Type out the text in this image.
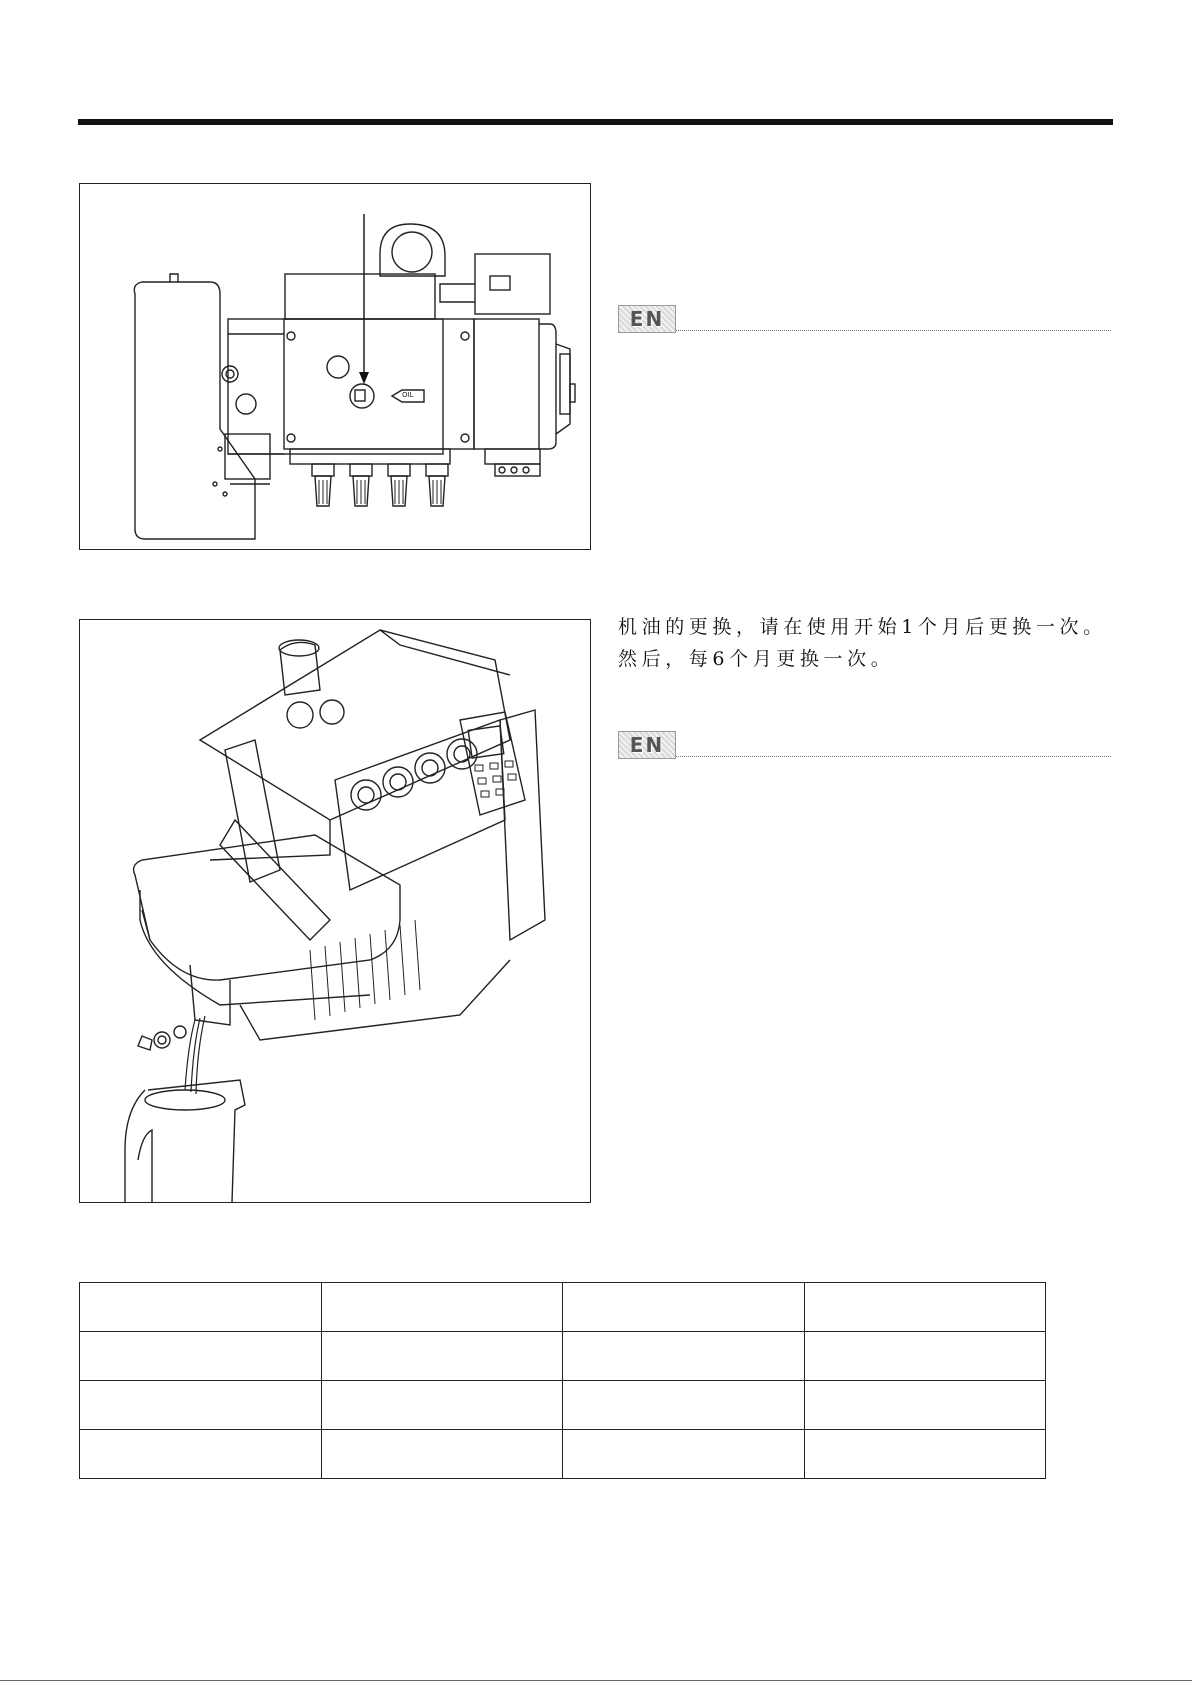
OIL
EN

机油的更换，请在使用开始1个月后更换一次。然后，每6个月更换一次。

EN
